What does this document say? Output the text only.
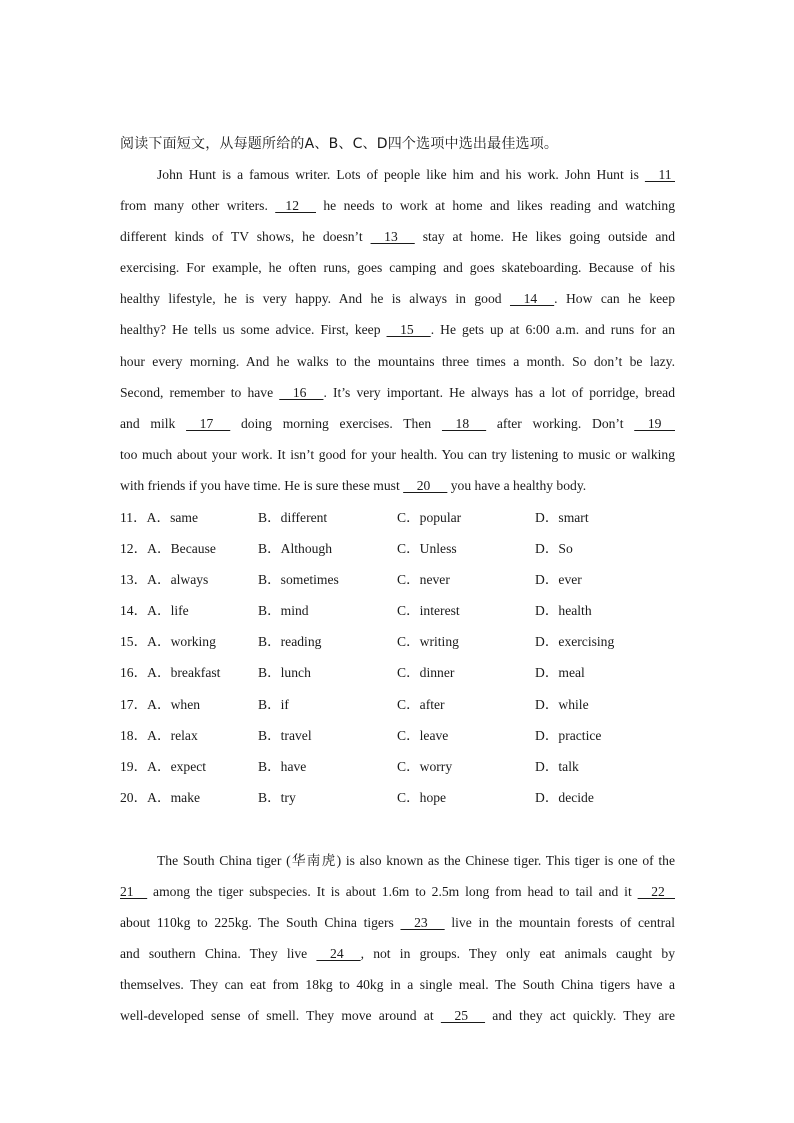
阅读下面短文，从每题所给的A、B、C、D四个选项中选出最佳选项。
John Hunt is a famous writer. Lots of people like him and his work. John Hunt is     11
from many other writers.    12      he needs to work at home and likes reading and watching
different kinds of TV shows, he doesn’t     13      stay at home. He likes going outside and
exercising. For example, he often runs, goes camping and goes skateboarding. Because of his
healthy lifestyle, he is very happy. And he is always in good     14     . How can he keep
healthy? He tells us some advice. First, keep     15     . He gets up at 6:00 a.m. and runs for an
hour every morning. And he walks to the mountains three times a month. So don’t be lazy.
Second, remember to have     16     . It’s very important. He always has a lot of porridge, bread
and milk     17      doing morning exercises. Then     18      after working. Don’t     19
too much about your work. It isn’t good for your health. You can try listening to music or walking
with friends if you have time. He is sure these must     20      you have a healthy body.
11．A．same	B．different	C．popular	D．smart
12．A．Because	B．Although	C．Unless	D．So
13．A．always	B．sometimes	C．never	D．ever
14．A．life	B．mind	C．interest	D．health
15．A．working	B．reading	C．writing	D．exercising
16．A．breakfast	B．lunch	C．dinner	D．meal
17．A．when	B．if	C．after	D．while
18．A．relax	B．travel	C．leave	D．practice
19．A．expect	B．have	C．worry	D．talk
20．A．make	B．try	C．hope	D．decide
The South China tiger (华南虎) is also known as the Chinese tiger. This tiger is one of the
21     among the tiger subspecies. It is about 1.6m to 2.5m long from head to tail and it     22
about 110kg to 225kg. The South China tigers     23      live in the mountain forests of central
and southern China. They live     24     , not in groups. They only eat animals caught by
themselves. They can eat from 18kg to 40kg in a single meal. The South China tigers have a
well-developed sense of smell. They move around at     25      and they act quickly. They are
